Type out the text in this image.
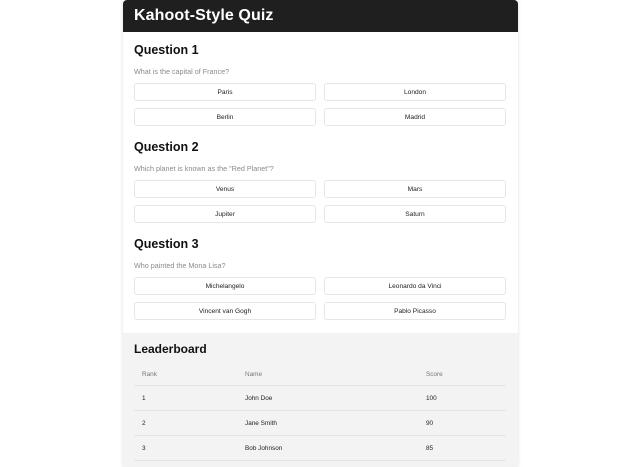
Kahoot-Style Quiz
Question 1

What is the capital of France?

Paris	London
Berlin	Madrid
Question 2

Which planet is known as the "Red Planet"?

Venus	Mars
Jupiter	Saturn
Question 3

Who painted the Mona Lisa?

Michelangelo	Leonardo da Vinci
Vincent van Gogh	Pablo Picasso
Leaderboard
Rank	Name	Score
1	John Doe	100
2	Jane Smith	90
3	Bob Johnson	85
